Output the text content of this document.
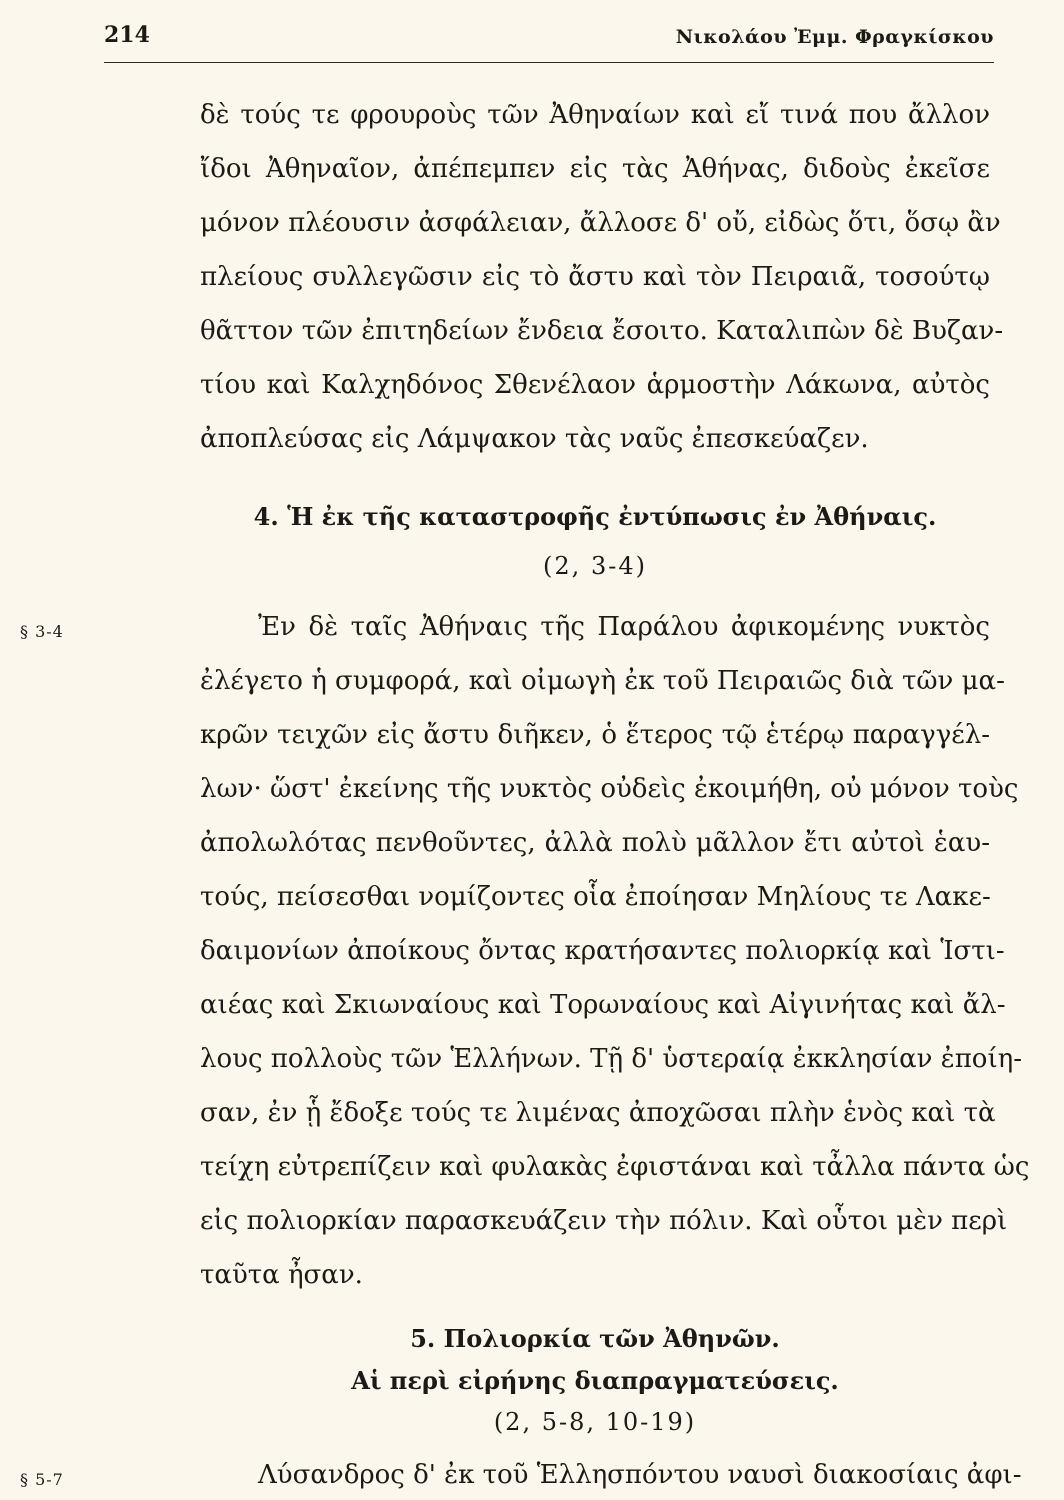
214	Νικολάου Ἐμμ. Φραγκίσκου
δὲ τούς τε φρουροὺς τῶν Ἀθηναίων καὶ εἴ τινά που ἄλλον
ἴδοι Ἀθηναῖον, ἀπέπεμπεν εἰς τὰς Ἀθήνας, διδοὺς ἐκεῖσε
μόνον πλέουσιν ἀσφάλειαν, ἄλλοσε δ' οὔ, εἰδὼς ὅτι, ὅσῳ ἂν
πλείους συλλεγῶσιν εἰς τὸ ἄστυ καὶ τὸν Πειραιᾶ, τοσούτῳ
θᾶττον τῶν ἐπιτηδείων ἔνδεια ἔσοιτο. Καταλιπὼν δὲ Βυζαν-
τίου καὶ Καλχηδόνος Σθενέλαον ἁρμοστὴν Λάκωνα, αὐτὸς
ἀποπλεύσας εἰς Λάμψακον τὰς ναῦς ἐπεσκεύαζεν.
4. Ἡ ἐκ τῆς καταστροφῆς ἐντύπωσις ἐν Ἀθήναις.
(2, 3-4)
§ 3-4	Ἐν δὲ ταῖς Ἀθήναις τῆς Παράλου ἀφικομένης νυκτὸς
ἐλέγετο ἡ συμφορά, καὶ οἰμωγὴ ἐκ τοῦ Πειραιῶς διὰ τῶν μα-
κρῶν τειχῶν εἰς ἄστυ διῆκεν, ὁ ἕτερος τῷ ἑτέρῳ παραγγέλ-
λων· ὥστ' ἐκείνης τῆς νυκτὸς οὐδεὶς ἐκοιμήθη, οὐ μόνον τοὺς
ἀπολωλότας πενθοῦντες, ἀλλὰ πολὺ μᾶλλον ἔτι αὐτοὶ ἑαυ-
τούς, πείσεσθαι νομίζοντες οἷα ἐποίησαν Μηλίους τε Λακε-
δαιμονίων ἀποίκους ὄντας κρατήσαντες πολιορκίᾳ καὶ Ἱστι-
αιέας καὶ Σκιωναίους καὶ Τορωναίους καὶ Αἰγινήτας καὶ ἄλ-
λους πολλοὺς τῶν Ἑλλήνων. Τῇ δ' ὑστεραίᾳ ἐκκλησίαν ἐποίη-
σαν, ἐν ᾗ ἔδοξε τούς τε λιμένας ἀποχῶσαι πλὴν ἑνὸς καὶ τὰ
τείχη εὐτρεπίζειν καὶ φυλακὰς ἐφιστάναι καὶ τἆλλα πάντα ὡς
εἰς πολιορκίαν παρασκευάζειν τὴν πόλιν. Καὶ οὗτοι μὲν περὶ
ταῦτα ἦσαν.
5. Πολιορκία τῶν Ἀθηνῶν.
Αἱ περὶ εἰρήνης διαπραγματεύσεις.
(2, 5-8, 10-19)
§ 5-7	Λύσανδρος δ' ἐκ τοῦ Ἑλλησπόντου ναυσὶ διακοσίαις ἀφι-
